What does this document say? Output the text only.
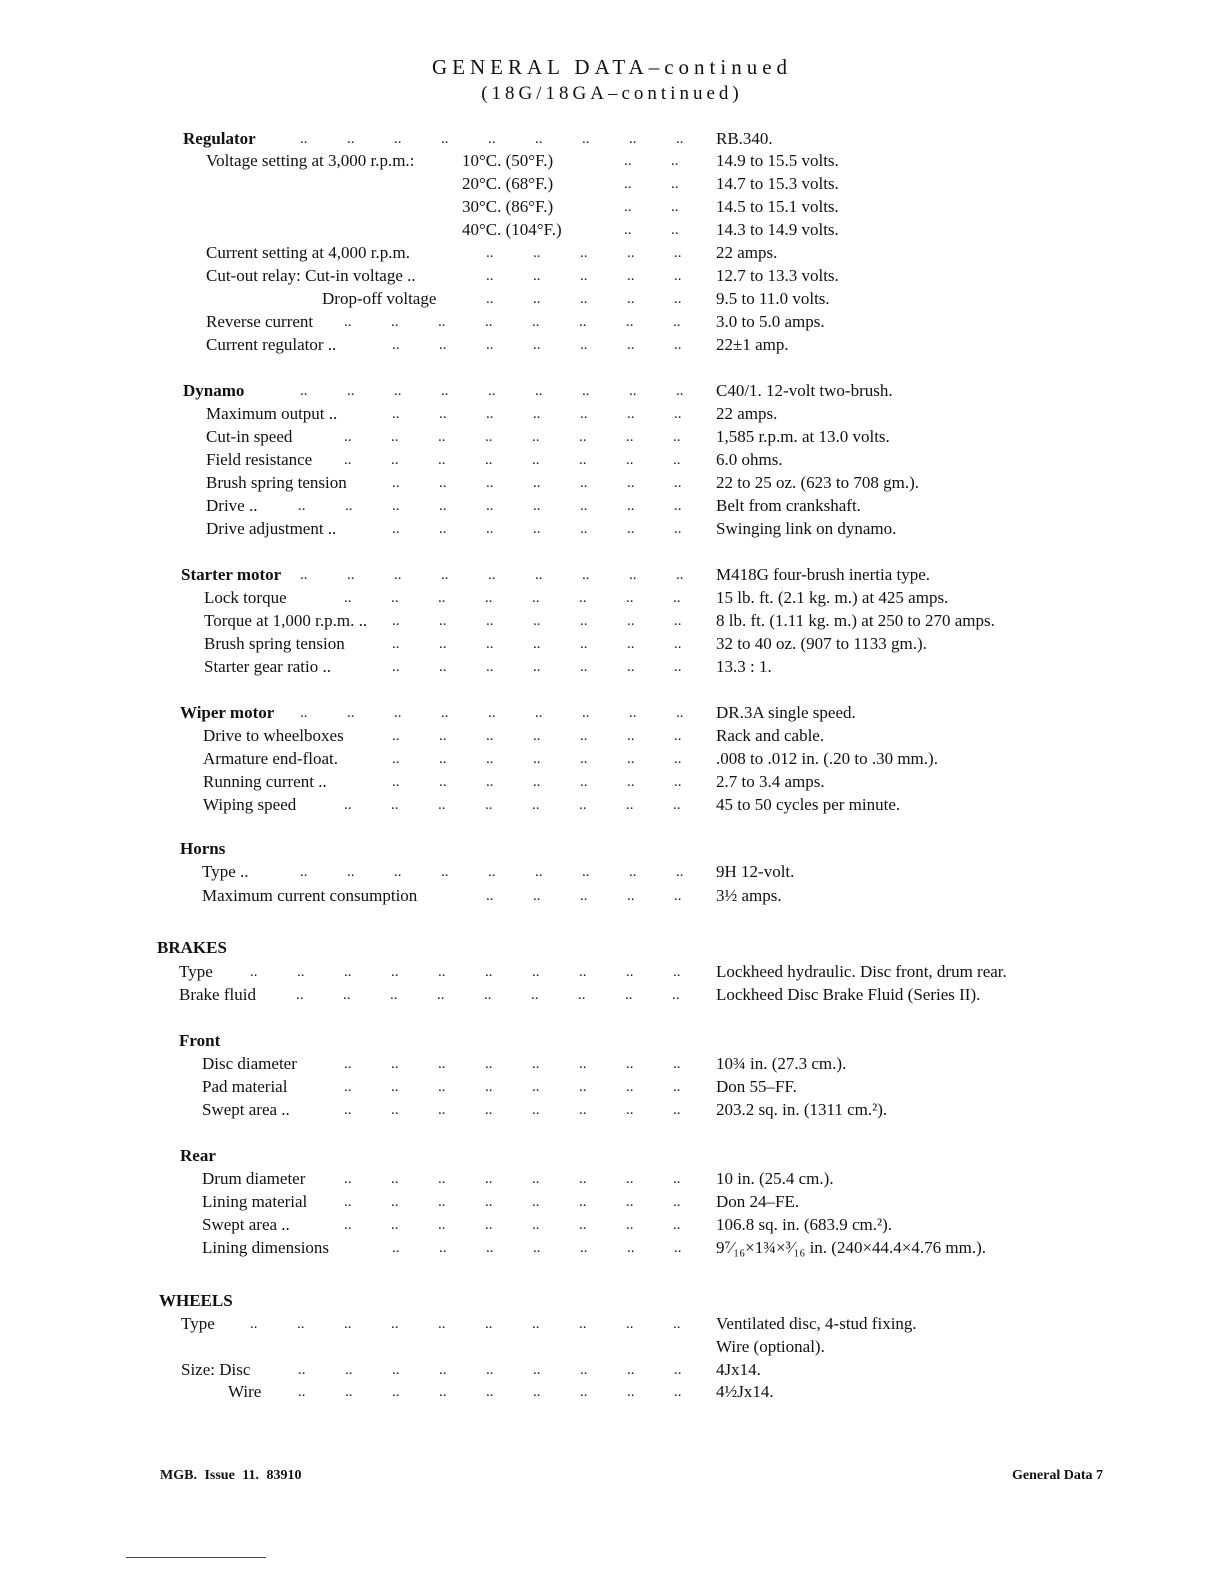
GENERAL DATA–continued
(18G/18GA–continued)
Regulator	..	..	..	..	..	..	..	..	.. RB.340.
Voltage setting at 3,000 r.p.m.:	10°C. (50°F.)	..	.. 14.9 to 15.5 volts.
20°C. (68°F.)	..	.. 14.7 to 15.3 volts.
30°C. (86°F.)	..	.. 14.5 to 15.1 volts.
40°C. (104°F.)	..	.. 14.3 to 14.9 volts.
Current setting at 4,000 r.p.m.	..	..	..	..	.. 22 amps.
Cut-out relay: Cut-in voltage ..	..	..	..	..	.. 12.7 to 13.3 volts.
Drop-off voltage	..	..	..	..	.. 9.5 to 11.0 volts.
Reverse current ..	..	..	..	..	..	..	.. 3.0 to 5.0 amps.
Current regulator ..	..	..	..	..	..	..	.. 22±1 amp.
Dynamo	..	..	..	..	..	..	..	..	.. C40/1. 12-volt two-brush.
Maximum output ..	..	..	..	..	..	..	.. 22 amps.
Cut-in speed	..	..	..	..	..	..	..	.. 1,585 r.p.m. at 13.0 volts.
Field resistance ..	..	..	..	..	..	..	.. 6.0 ohms.
Brush spring tension	..	..	..	..	..	..	.. 22 to 25 oz. (623 to 708 gm.).
Drive ..	..	..	..	..	..	..	..	..	.. Belt from crankshaft.
Drive adjustment ..	..	..	..	..	..	..	.. Swinging link on dynamo.
Starter motor ..	..	..	..	..	..	..	..	.. M418G four-brush inertia type.
Lock torque	..	..	..	..	..	..	..	.. 15 lb. ft. (2.1 kg. m.) at 425 amps.
Torque at 1,000 r.p.m. .. ..	..	..	..	..	..	.. 8 lb. ft. (1.11 kg. m.) at 250 to 270 amps.
Brush spring tension	..	..	..	..	..	..	.. 32 to 40 oz. (907 to 1133 gm.).
Starter gear ratio ..	..	..	..	..	..	..	.. 13.3 : 1.
Wiper motor ..	..	..	..	..	..	..	..	.. DR.3A single speed.
Drive to wheelboxes	..	..	..	..	..	..	.. Rack and cable.
Armature end-float.	..	..	..	..	..	..	.. .008 to .012 in. (.20 to .30 mm.).
Running current ..	..	..	..	..	..	..	.. 2.7 to 3.4 amps.
Wiping speed	..	..	..	..	..	..	..	.. 45 to 50 cycles per minute.
Horns
Type ..	..	..	..	..	..	..	..	..	.. 9H 12-volt.
Maximum current consumption	..	..	..	..	.. 3½ amps.
BRAKES
Type ..	..	..	..	..	..	..	..	..	.. Lockheed hydraulic. Disc front, drum rear.
Brake fluid	..	..	..	..	..	..	..	..	.. Lockheed Disc Brake Fluid (Series II).
Front
Disc diameter	..	..	..	..	..	..	..	.. 10¾ in. (27.3 cm.).
Pad material	..	..	..	..	..	..	..	.. Don 55–FF.
Swept area ..	..	..	..	..	..	..	..	.. 203.2 sq. in. (1311 cm.²).
Rear
Drum diameter	..	..	..	..	..	..	..	.. 10 in. (25.4 cm.).
Lining material ..	..	..	..	..	..	..	.. Don 24–FE.
Swept area ..	..	..	..	..	..	..	..	.. 106.8 sq. in. (683.9 cm.²).
Lining dimensions	..	..	..	..	..	..	.. 9⁷⁄₁₆×1¾×³⁄₁₆ in. (240×44.4×4.76 mm.).
WHEELS
Type ..	..	..	..	..	..	..	..	..	.. Ventilated disc, 4-stud fixing.
Wire (optional).
Size: Disc	..	..	..	..	..	..	..	..	.. 4Jx14.
Wire ..	..	..	..	..	..	..	..	.. 4½Jx14.
MGB. Issue 11. 83910	General Data 7
